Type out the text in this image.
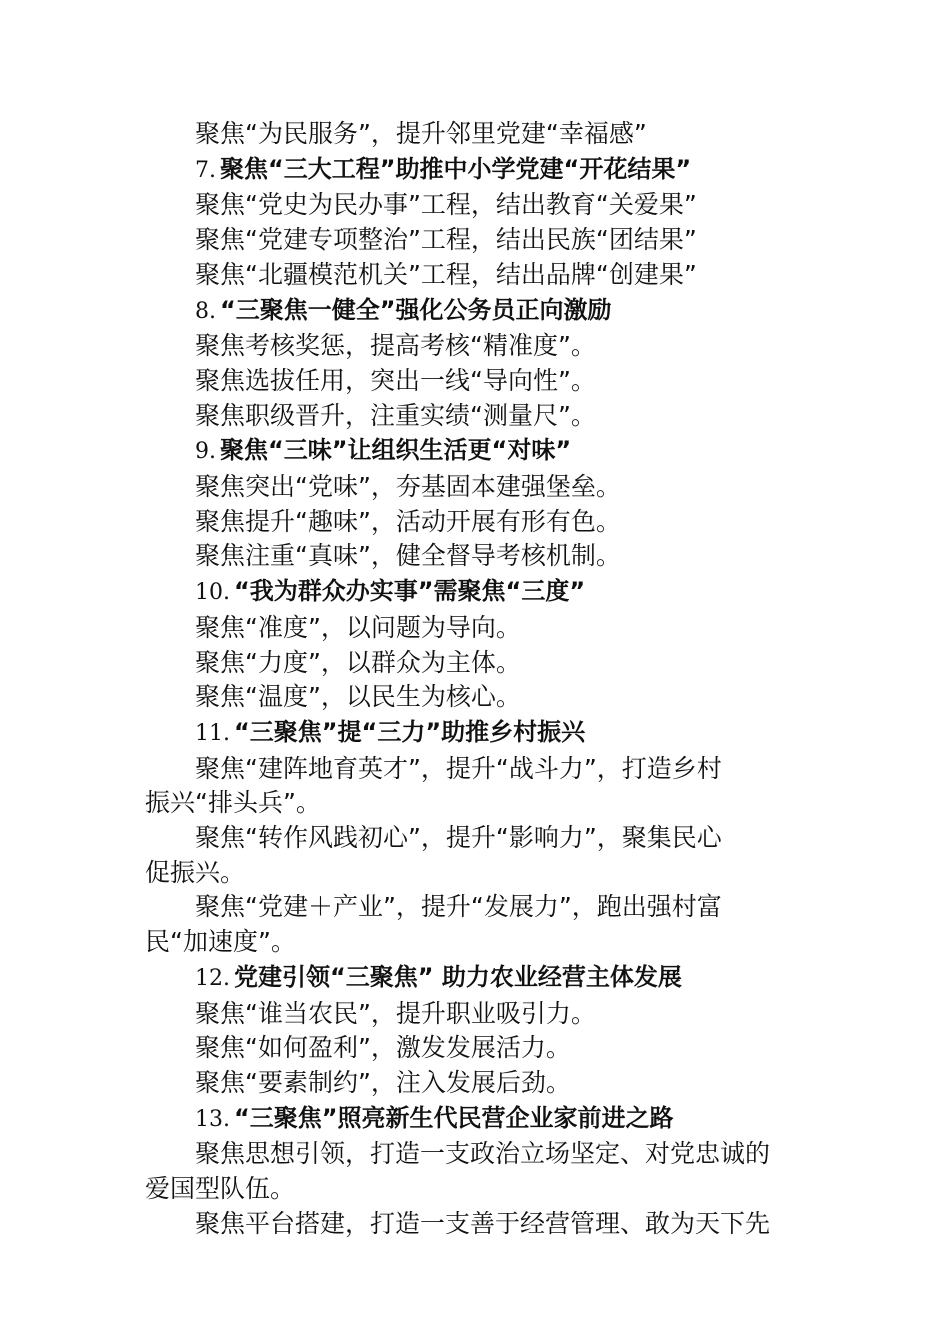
聚焦“为民服务”，提升邻里党建“幸福感”

7. 聚焦“三大工程”助推中小学党建“开花结果”

聚焦“党史为民办事”工程，结出教育“关爱果”

聚焦“党建专项整治”工程，结出民族“团结果”

聚焦“北疆模范机关”工程，结出品牌“创建果”

8. “三聚焦一健全”强化公务员正向激励

聚焦考核奖惩，提高考核“精准度”。

聚焦选拔任用，突出一线“导向性”。

聚焦职级晋升，注重实绩“测量尺”。

9. 聚焦“三味”让组织生活更“对味”

聚焦突出“党味”，夯基固本建强堡垒。

聚焦提升“趣味”，活动开展有形有色。

聚焦注重“真味”，健全督导考核机制。

10. “我为群众办实事”需聚焦“三度”

聚焦“准度”，以问题为导向。

聚焦“力度”，以群众为主体。

聚焦“温度”，以民生为核心。

11. “三聚焦”提“三力”助推乡村振兴

聚焦“建阵地育英才”，提升“战斗力”，打造乡村

振兴“排头兵”。

聚焦“转作风践初心”，提升“影响力”，聚集民心

促振兴。

聚焦“党建＋产业”，提升“发展力”，跑出强村富

民“加速度”。

12. 党建引领“三聚焦” 助力农业经营主体发展

聚焦“谁当农民”，提升职业吸引力。

聚焦“如何盈利”，激发发展活力。

聚焦“要素制约”，注入发展后劲。

13. “三聚焦”照亮新生代民营企业家前进之路

聚焦思想引领，打造一支政治立场坚定、对党忠诚的

爱国型队伍。

聚焦平台搭建，打造一支善于经营管理、敢为天下先
